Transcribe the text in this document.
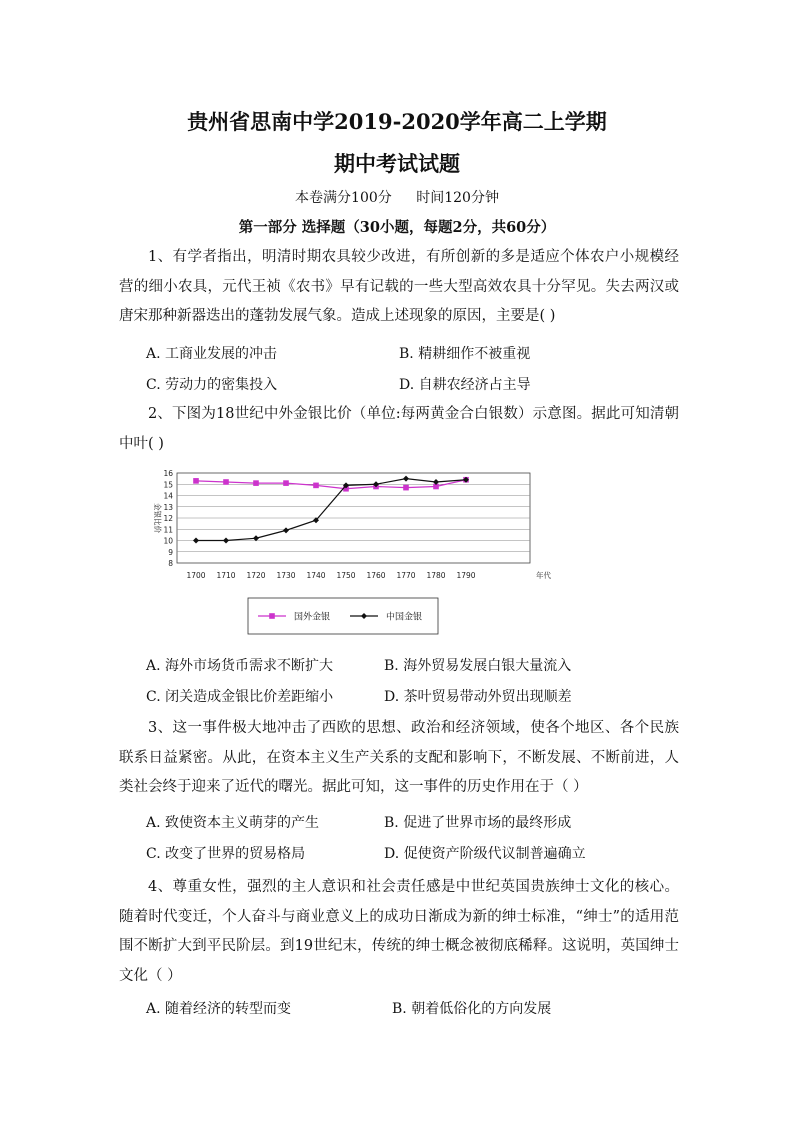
贵州省思南中学2019-2020学年高二上学期
期中考试试题
本卷满分100分 时间120分钟
第一部分 选择题（30小题，每题2分，共60分）

1、有学者指出，明清时期农具较少改进，有所创新的多是适应个体农户小规模经营的细小农具，元代王祯《农书》早有记载的一些大型高效农具十分罕见。失去两汉或唐宋那种新器迭出的蓬勃发展气象。造成上述现象的原因，主要是( )

A. 工商业发展的冲击	B. 精耕细作不被重视
C. 劳动力的密集投入	D. 自耕农经济占主导

2、下图为18世纪中外金银比价（单位:每两黄金合白银数）示意图。据此可知清朝中叶( )

8
9
10
11
12
13
14
15
16
1700 1710 1720 1730 1740 1750 1760 1770 1780 1790
金银比价
年代
国外金银	中国金银
A. 海外市场货币需求不断扩大	B. 海外贸易发展白银大量流入
C. 闭关造成金银比价差距缩小	D. 茶叶贸易带动外贸出现顺差

3、这一事件极大地冲击了西欧的思想、政治和经济领域，使各个地区、各个民族联系日益紧密。从此，在资本主义生产关系的支配和影响下，不断发展、不断前进，人类社会终于迎来了近代的曙光。据此可知，这一事件的历史作用在于（ ）

A. 致使资本主义萌芽的产生	B. 促进了世界市场的最终形成
C. 改变了世界的贸易格局	D. 促使资产阶级代议制普遍确立

4、尊重女性，强烈的主人意识和社会责任感是中世纪英国贵族绅士文化的核心。随着时代变迁，个人奋斗与商业意义上的成功日渐成为新的绅士标准，“绅士”的适用范围不断扩大到平民阶层。到19世纪末，传统的绅士概念被彻底稀释。这说明，英国绅士文化（ ）

A. 随着经济的转型而变	B. 朝着低俗化的方向发展
